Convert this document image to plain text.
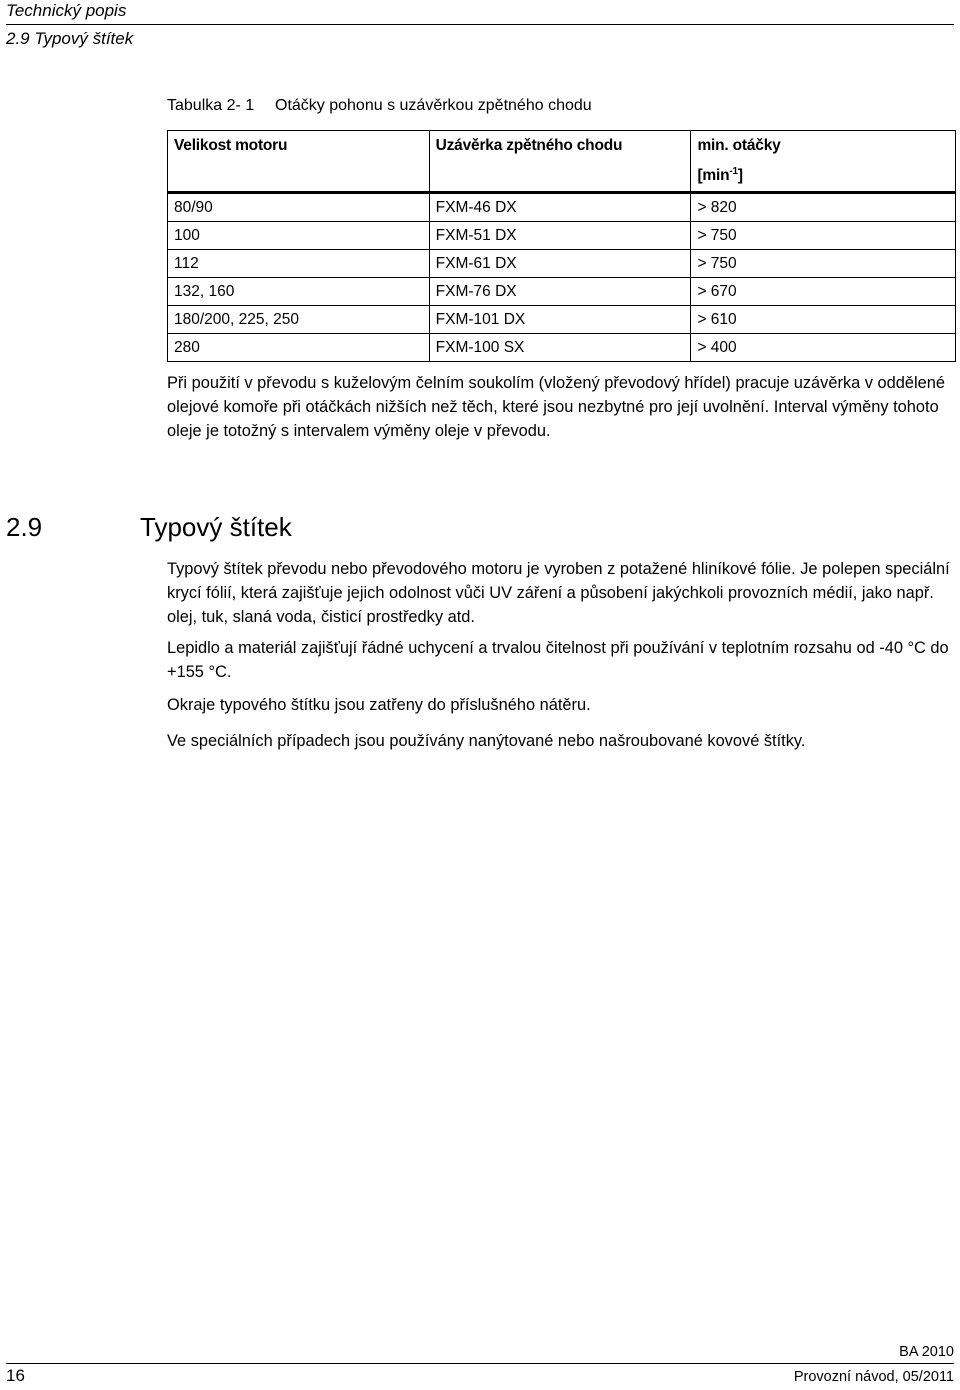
Technický popis
2.9 Typový štítek
Tabulka 2- 1 Otáčky pohonu s uzávěrkou zpětného chodu
Velikost motoru	Uzávěrka zpětného chodu	min. otáčky
		$[\min^{-1}]$
80/90	FXM-46 DX	> 820
100	FXM-51 DX	> 750
112	FXM-61 DX	> 750
132, 160	FXM-76 DX	> 670
180/200, 225, 250	FXM-101 DX	> 610
280	FXM-100 SX	> 400
Při použití v převodu s kuželovým čelním soukolím (vložený převodový hřídel) pracuje uzávěrka v oddělené olejové komoře při otáčkách nižších než těch, které jsou nezbytné pro její uvolnění. Interval výměny tohoto oleje je totožný s intervalem výměny oleje v převodu.
2.9	Typový štítek
Typový štítek převodu nebo převodového motoru je vyroben z potažené hliníkové fólie. Je polepen speciální krycí fólií, která zajišťuje jejich odolnost vůči UV záření a působení jakýchkoli provozních médií, jako např. olej, tuk, slaná voda, čisticí prostředky atd.
Lepidlo a materiál zajišťují řádné uchycení a trvalou čitelnost při používání v teplotním rozsahu od -40 °C do +155 °C.
Okraje typového štítku jsou zatřeny do příslušného nátěru.
Ve speciálních případech jsou používány nanýtované nebo našroubované kovové štítky.
BA 2010
16	Provozní návod, 05/2011
